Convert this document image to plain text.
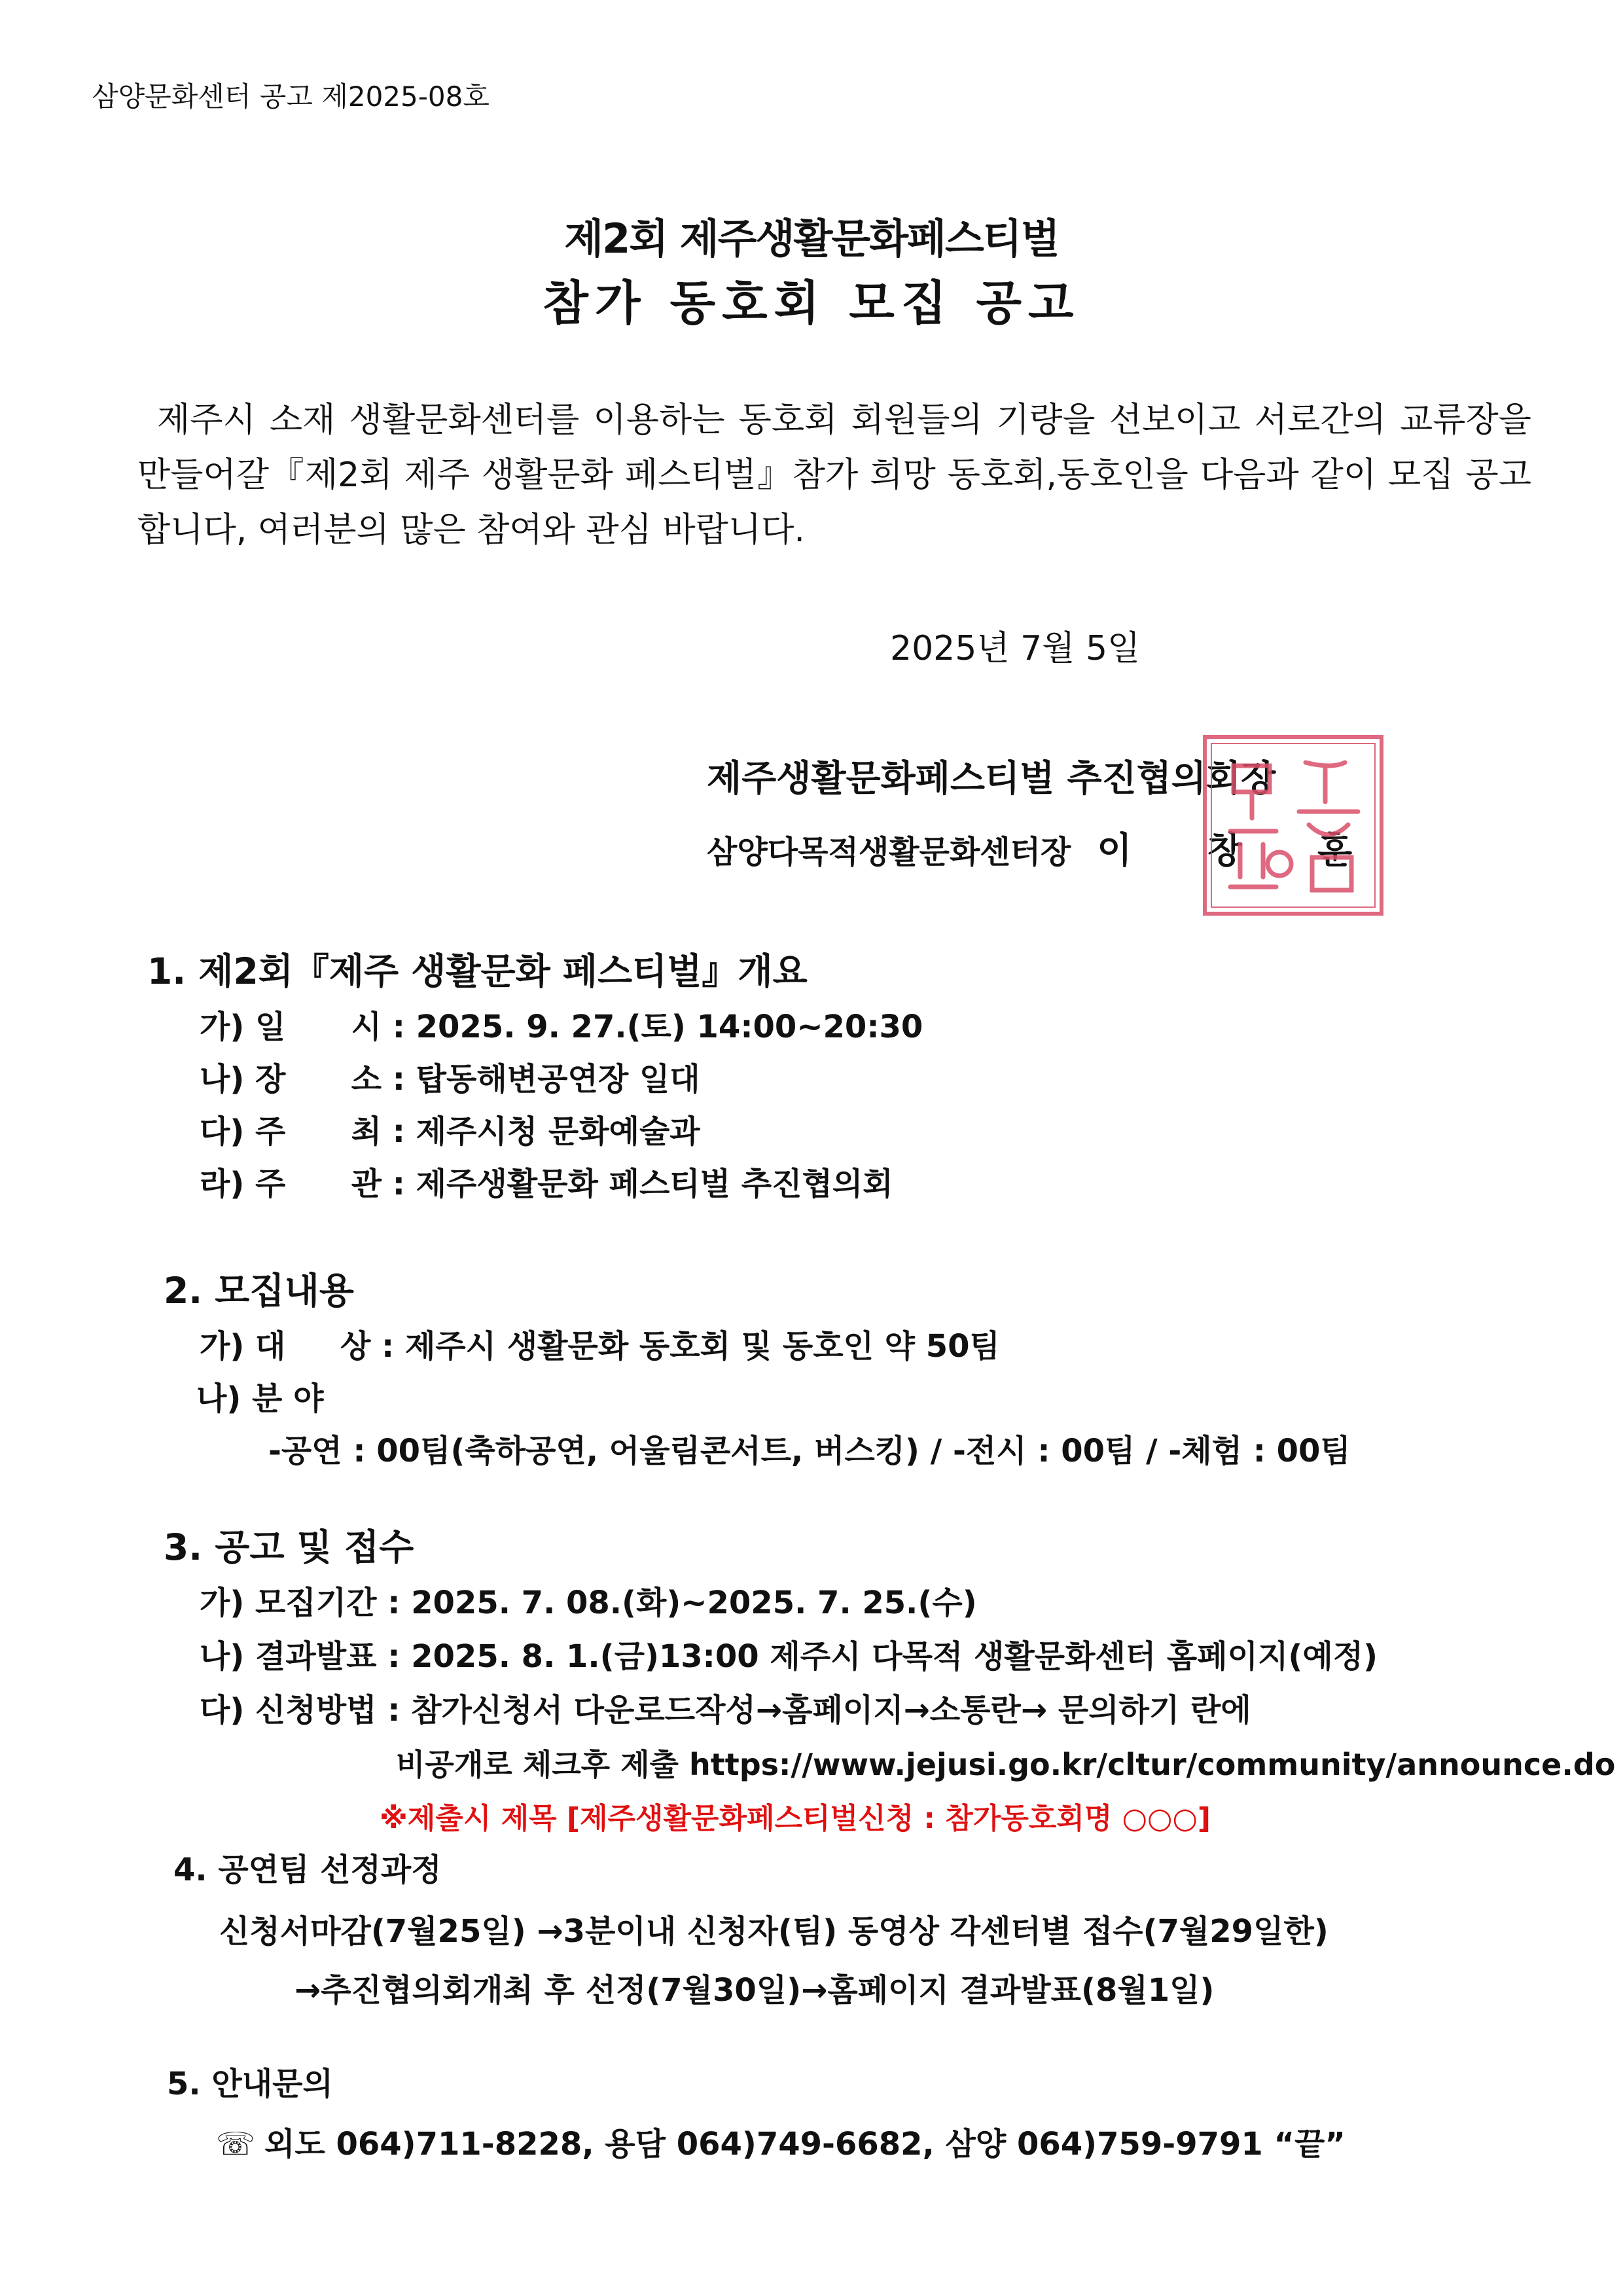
삼양문화센터 공고 제2025-08호
제2회 제주생활문화페스티벌
참가 동호회 모집 공고
제주시 소재 생활문화센터를 이용하는 동호회 회원들의 기량을 선보이고 서로간의 교류장을 만들어갈『제2회 제주 생활문화 페스티벌』참가 희망 동호회,동호인을 다음과 같이 모집 공고 합니다, 여러분의 많은 참여와 관심 바랍니다.
2025년 7월 5일
제주생활문화페스티벌 추진협의회장
삼양다목적생활문화센터장 이 창 훈
1. 제2회『제주 생활문화 페스티벌』개요
가) 일      시 : 2025. 9. 27.(토) 14:00~20:30
나) 장      소 : 탑동해변공연장 일대
다) 주      최 : 제주시청 문화예술과
라) 주      관 : 제주생활문화 페스티벌 추진협의회
2. 모집내용
가) 대     상 : 제주시 생활문화 동호회 및 동호인 약 50팀
나) 분 야
-공연 : 00팀(축하공연, 어울림콘서트, 버스킹) / -전시 : 00팀 / -체험 : 00팀
3. 공고 및 접수
가) 모집기간 : 2025. 7. 08.(화)~2025. 7. 25.(수)
나) 결과발표 : 2025. 8. 1.(금)13:00 제주시 다목적 생활문화센터 홈페이지(예정)
다) 신청방법 : 참가신청서 다운로드작성→홈페이지→소통란→ 문의하기 란에
비공개로 체크후 제출 https://www.jejusi.go.kr/cltur/community/announce.do
※제출시 제목 [제주생활문화페스티벌신청 : 참가동호회명 ○○○]
4. 공연팀 선정과정
신청서마감(7월25일) →3분이내 신청자(팀) 동영상 각센터별 접수(7월29일한)
→추진협의회개최 후 선정(7월30일)→홈페이지 결과발표(8월1일)
5. 안내문의
☏ 외도 064)711-8228, 용담 064)749-6682, 삼양 064)759-9791 “끝”
